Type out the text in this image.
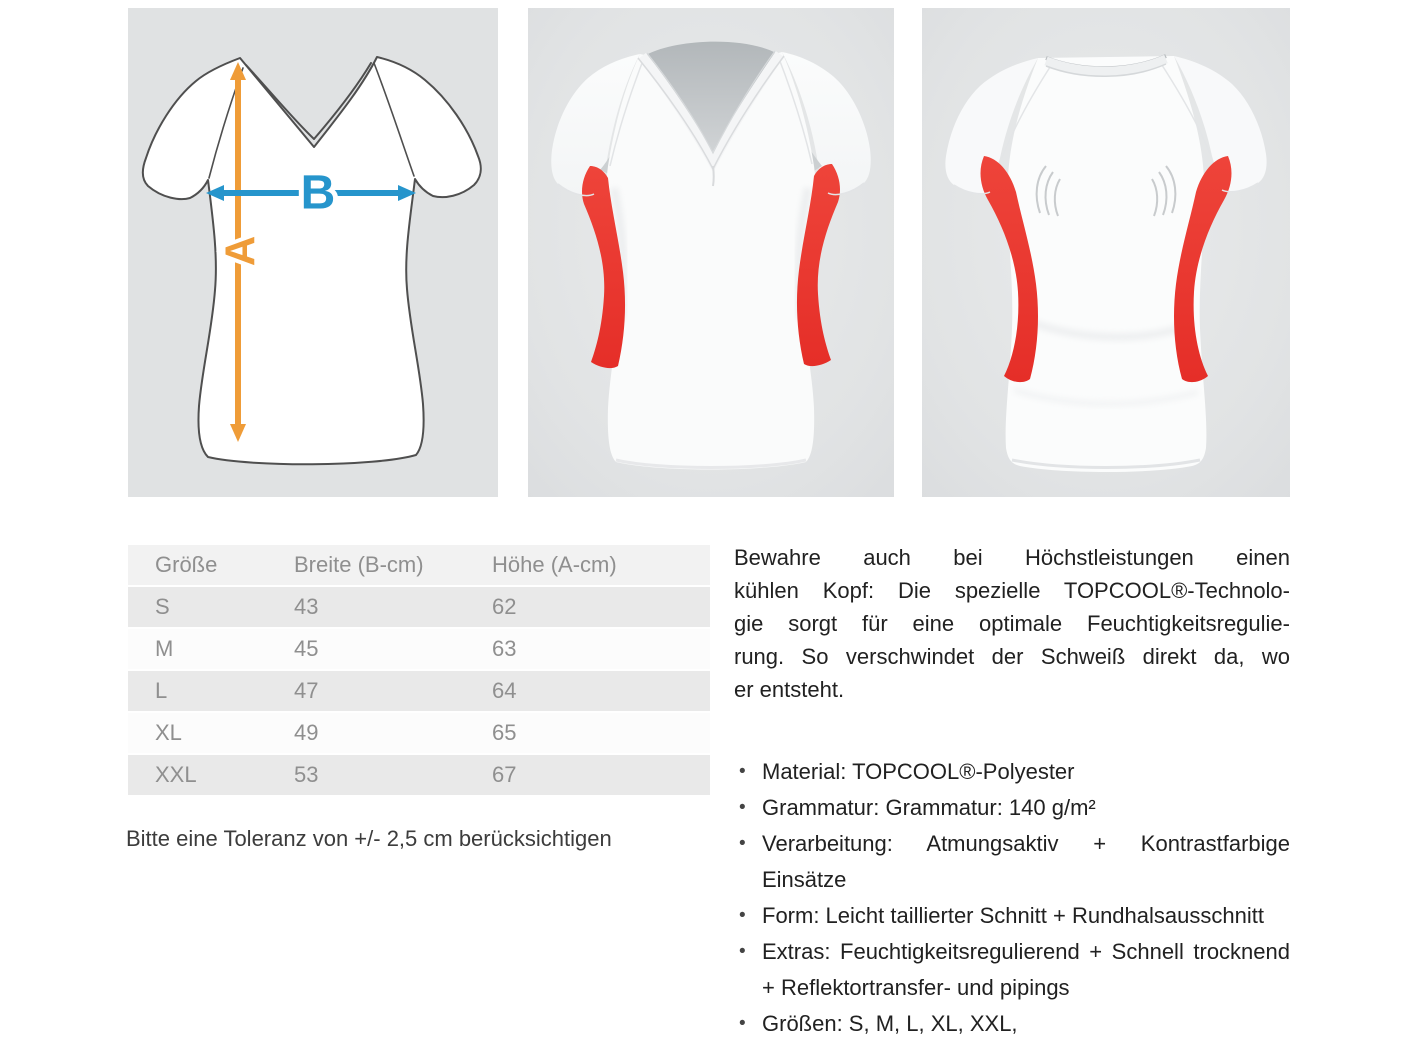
A
B
Größe	Breite (B-cm)	Höhe (A-cm)
S	43	62
M	45	63
L	47	64
XL	49	65
XXL	53	67
Bitte eine Toleranz von +/- 2,5 cm berücksichtigen
Bewahre auch bei Höchstleistungen einen
kühlen Kopf: Die spezielle TOPCOOL®-Technolo-
gie sorgt für eine optimale Feuchtigkeitsregulie-
rung. So verschwindet der Schweiß direkt da, wo
er entsteht.
• Material: TOPCOOL®-Polyester
• Grammatur: Grammatur: 140 g/m²
• Verarbeitung: Atmungsaktiv + Kontrastfarbige Einsätze
• Form: Leicht taillierter Schnitt + Rundhalsausschnitt
• Extras: Feuchtigkeitsregulierend + Schnell trocknend + Reflektortransfer- und pipings
• Größen: S, M, L, XL, XXL,
